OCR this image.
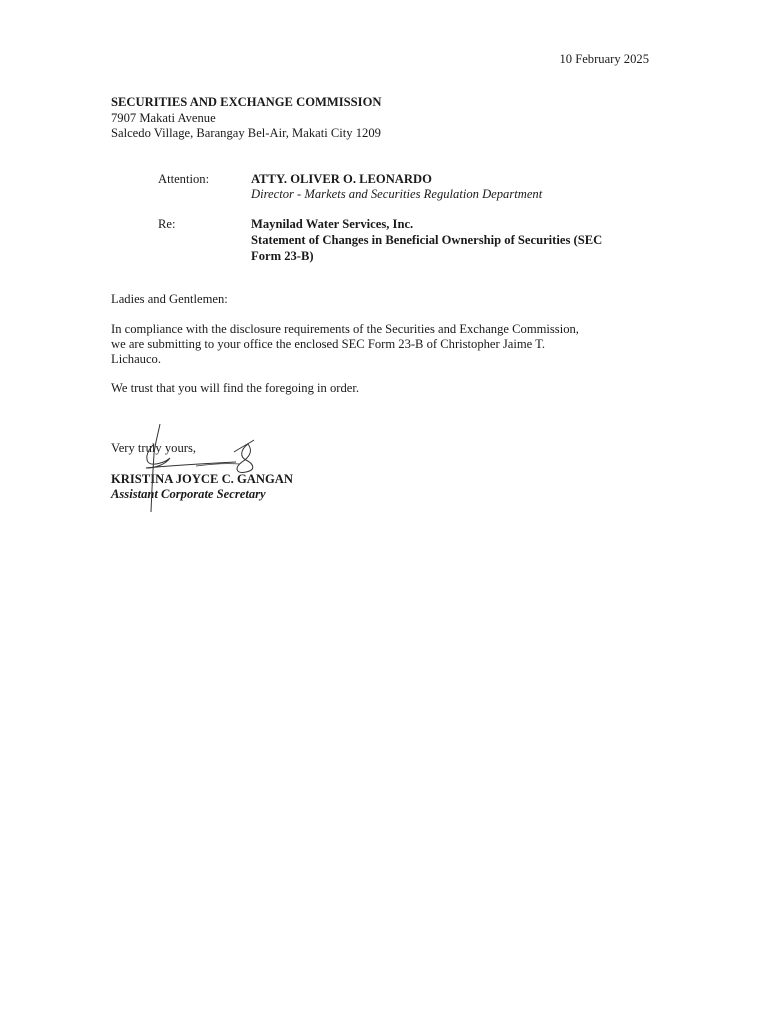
10 February 2025
SECURITIES AND EXCHANGE COMMISSION
7907 Makati Avenue
Salcedo Village, Barangay Bel-Air, Makati City 1209
Attention:	ATTY. OLIVER O. LEONARDO
Director - Markets and Securities Regulation Department
Re:	Maynilad Water Services, Inc.
Statement of Changes in Beneficial Ownership of Securities (SEC
Form 23-B)
Ladies and Gentlemen:
In compliance with the disclosure requirements of the Securities and Exchange Commission,
we are submitting to your office the enclosed SEC Form 23-B of Christopher Jaime T.
Lichauco.
We trust that you will find the foregoing in order.
Very truly yours,
KRISTINA JOYCE C. GANGAN
Assistant Corporate Secretary
